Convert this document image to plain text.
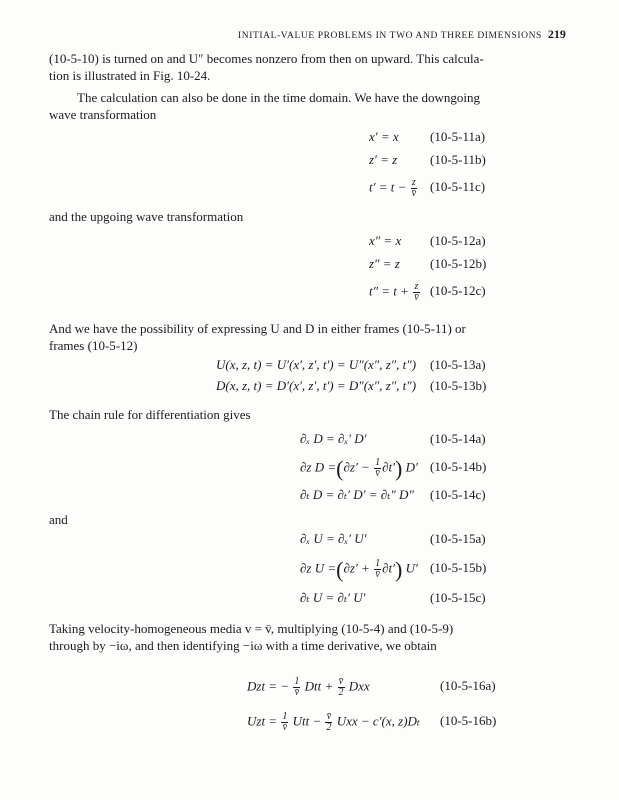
INITIAL-VALUE PROBLEMS IN TWO AND THREE DIMENSIONS 219
(10-5-10) is turned on and U″ becomes nonzero from then on upward. This calcula-
tion is illustrated in Fig. 10-24.
The calculation can also be done in the time domain. We have the downgoing
wave transformation
x′ = x (10-5-11a)
z′ = z	(10-5-11b)
$t' = t - \frac{z}{v̄} (10-5-11c)$
and the upgoing wave transformation
x″ = x (10-5-12a)
z″ = z (10-5-12b)
$t'' = t + \frac{z}{v̄} (10-5-12c)$
And we have the possibility of expressing U and D in either frames (10-5-11) or
frames (10-5-12)
U(x, z, t) = U′(x′, z′, t′) = U″(x″, z″, t″) (10-5-13a)
D(x, z, t) = D′(x′, z′, t′) = D″(x″, z″, t″) (10-5-13b)
The chain rule for differentiation gives
∂ₓ D = ∂ₓ′ D′	(10-5-14a)
∂z $D =(\partial z' - \frac{1}{v̄} \partial t')$ D′ (10-5-14b)
∂ₜ D = ∂ₜ′ D′ = ∂ₜ″ D″ (10-5-14c)
and
∂ₓ U = ∂ₓ′ U′	(10-5-15a)
∂z $U =(\partial z' + \frac{1}{v̄} \partial t')$ U′ (10-5-15b)
∂ₜ U = ∂ₜ′ U′	(10-5-15c)
Taking velocity-homogeneous media v = v̄, multiplying (10-5-4) and (10-5-9)
through by −iω, and then identifying −iω with a time derivative, we obtain
Dzt = − $\frac{1}{v̄}$ Dtt + $\frac{v̄}{2}$ Dxx	(10-5-16a)
Uzt = $\frac{1}{v̄}$ Utt − $\frac{v̄}{2}$ Uxx − c′(x, z)Dₜ (10-5-16b)
